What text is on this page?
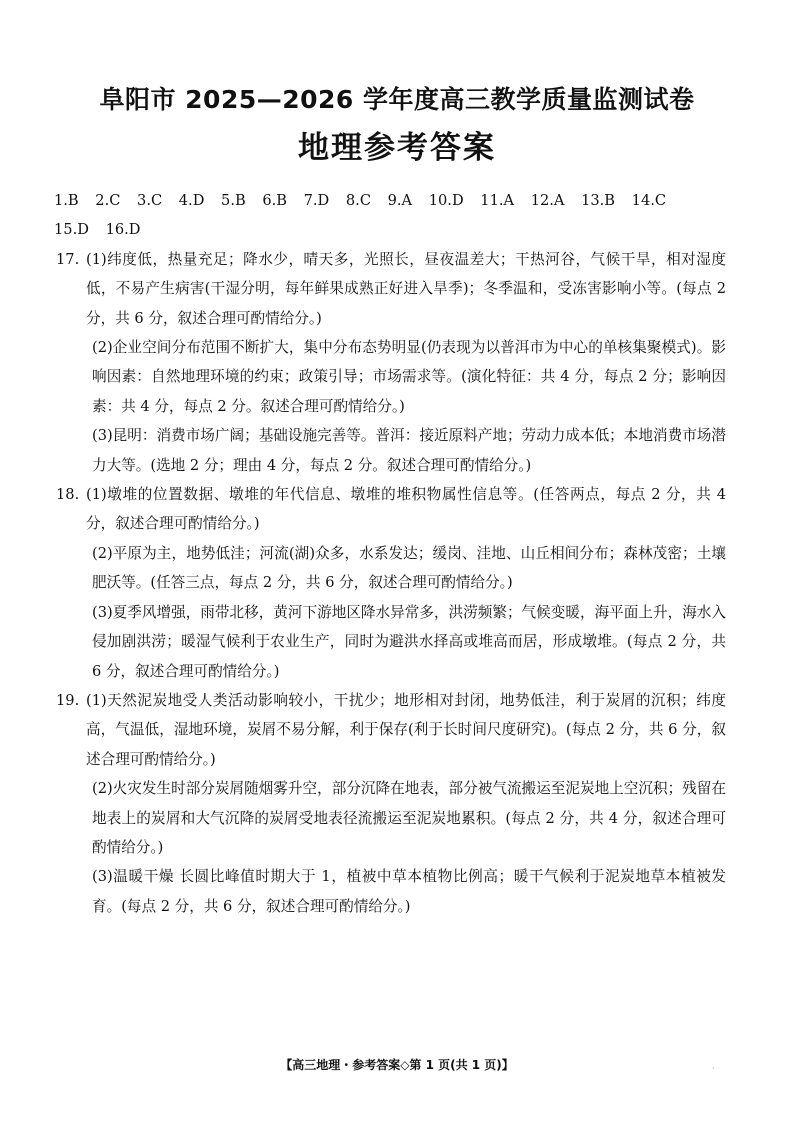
阜阳市 2025—2026 学年度高三教学质量监测试卷
地理参考答案
1.B 2.C 3.C 4.D 5.B 6.B 7.D 8.C 9.A 10.D 11.A 12.A 13.B 14.C
15.D 16.D
17. (1)纬度低，热量充足；降水少，晴天多，光照长，昼夜温差大；干热河谷，气候干旱，相对湿度低，不易产生病害(干湿分明，每年鲜果成熟正好进入旱季)；冬季温和，受冻害影响小等。(每点 2 分，共 6 分，叙述合理可酌情给分。)
(2)企业空间分布范围不断扩大，集中分布态势明显(仍表现为以普洱市为中心的单核集聚模式)。影响因素：自然地理环境的约束；政策引导；市场需求等。(演化特征：共 4 分，每点 2 分；影响因素：共 4 分，每点 2 分。叙述合理可酌情给分。)
(3)昆明：消费市场广阔；基础设施完善等。普洱：接近原料产地；劳动力成本低；本地消费市场潜力大等。(选地 2 分；理由 4 分，每点 2 分。叙述合理可酌情给分。)
18. (1)墩堆的位置数据、墩堆的年代信息、墩堆的堆积物属性信息等。(任答两点，每点 2 分，共 4 分，叙述合理可酌情给分。)
(2)平原为主，地势低洼；河流(湖)众多，水系发达；缓岗、洼地、山丘相间分布；森林茂密；土壤肥沃等。(任答三点，每点 2 分，共 6 分，叙述合理可酌情给分。)
(3)夏季风增强，雨带北移，黄河下游地区降水异常多，洪涝频繁；气候变暖，海平面上升，海水入侵加剧洪涝；暖湿气候利于农业生产，同时为避洪水择高或堆高而居，形成墩堆。(每点 2 分，共 6 分，叙述合理可酌情给分。)
19. (1)天然泥炭地受人类活动影响较小，干扰少；地形相对封闭，地势低洼，利于炭屑的沉积；纬度高，气温低，湿地环境，炭屑不易分解，利于保存(利于长时间尺度研究)。(每点 2 分，共 6 分，叙述合理可酌情给分。)
(2)火灾发生时部分炭屑随烟雾升空，部分沉降在地表，部分被气流搬运至泥炭地上空沉积；残留在地表上的炭屑和大气沉降的炭屑受地表径流搬运至泥炭地累积。(每点 2 分，共 4 分，叙述合理可酌情给分。)
(3)温暖干燥 长圆比峰值时期大于 1，植被中草本植物比例高；暖干气候利于泥炭地草本植被发育。(每点 2 分，共 6 分，叙述合理可酌情给分。)
【高三地理・参考答案◇第 1 页(共 1 页)】	·
